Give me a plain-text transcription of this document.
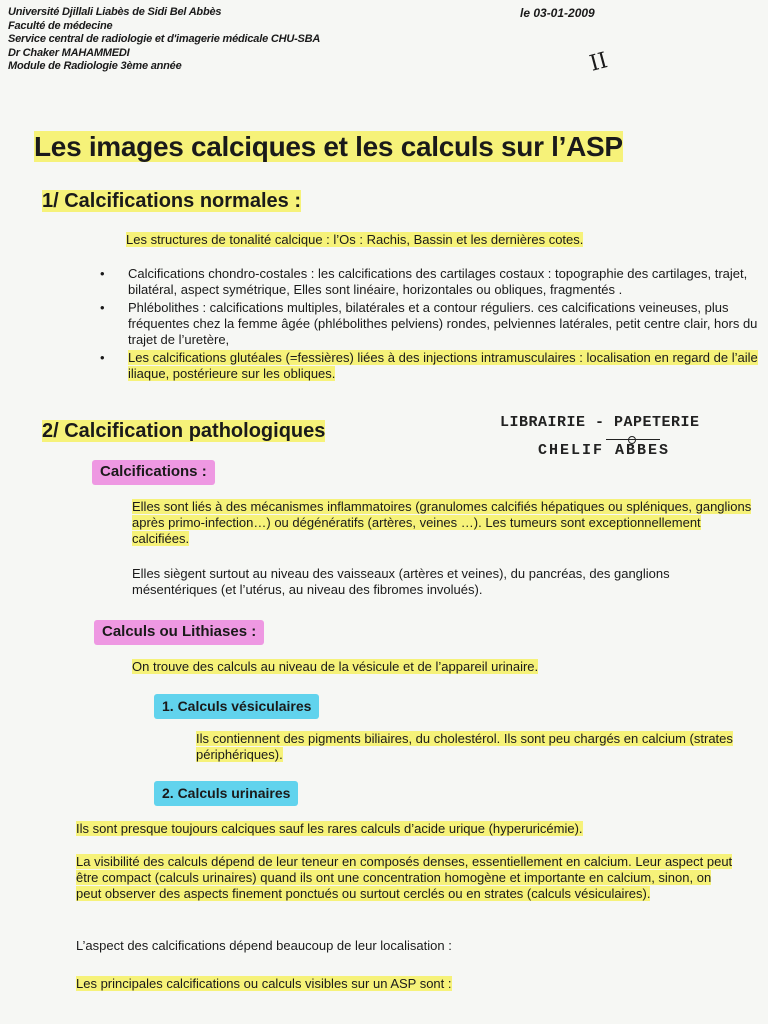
Université Djillali Liabès de Sidi Bel Abbès
Faculté de médecine
Service central de radiologie et d'imagerie médicale CHU-SBA
Dr Chaker MAHAMMEDI
Module de Radiologie 3ème année
le 03-01-2009
II
Les images calciques et les calculs sur l’ASP
1/ Calcifications normales :
Les structures de tonalité calcique : l’Os : Rachis, Bassin et les dernières cotes.
• Calcifications chondro-costales : les calcifications des cartilages costaux : topographie des cartilages, trajet, bilatéral, aspect symétrique, Elles sont linéaire, horizontales ou obliques, fragmentés .
• Phlébolithes : calcifications multiples, bilatérales et a contour réguliers. ces calcifications veineuses, plus fréquentes chez la femme âgée (phlébolithes pelviens) rondes, pelviennes latérales, petit centre clair, hors du trajet de l’uretère,
• Les calcifications glutéales (=fessières) liées à des injections intramusculaires : localisation en regard de l’aile iliaque, postérieure sur les obliques.
2/ Calcification pathologiques	LIBRAIRIE - PAPETERIE
CHELIF ABBES
Calcifications :
Elles sont liés à des mécanismes inflammatoires (granulomes calcifiés hépatiques ou spléniques, ganglions après primo-infection…) ou dégénératifs (artères, veines …). Les tumeurs sont exceptionnellement calcifiées.
Elles siègent surtout au niveau des vaisseaux (artères et veines), du pancréas, des ganglions mésentériques (et l’utérus, au niveau des fibromes involués).
Calculs ou Lithiases :
On trouve des calculs au niveau de la vésicule et de l’appareil urinaire.
1. Calculs vésiculaires
Ils contiennent des pigments biliaires, du cholestérol. Ils sont peu chargés en calcium (strates périphériques).
2. Calculs urinaires
Ils sont presque toujours calciques sauf les rares calculs d’acide urique (hyperuricémie).
La visibilité des calculs dépend de leur teneur en composés denses, essentiellement en calcium. Leur aspect peut être compact (calculs urinaires) quand ils ont une concentration homogène et importante en calcium, sinon, on peut observer des aspects finement ponctués ou surtout cerclés ou en strates (calculs vésiculaires).
L’aspect des calcifications dépend beaucoup de leur localisation :
Les principales calcifications ou calculs visibles sur un ASP sont :
